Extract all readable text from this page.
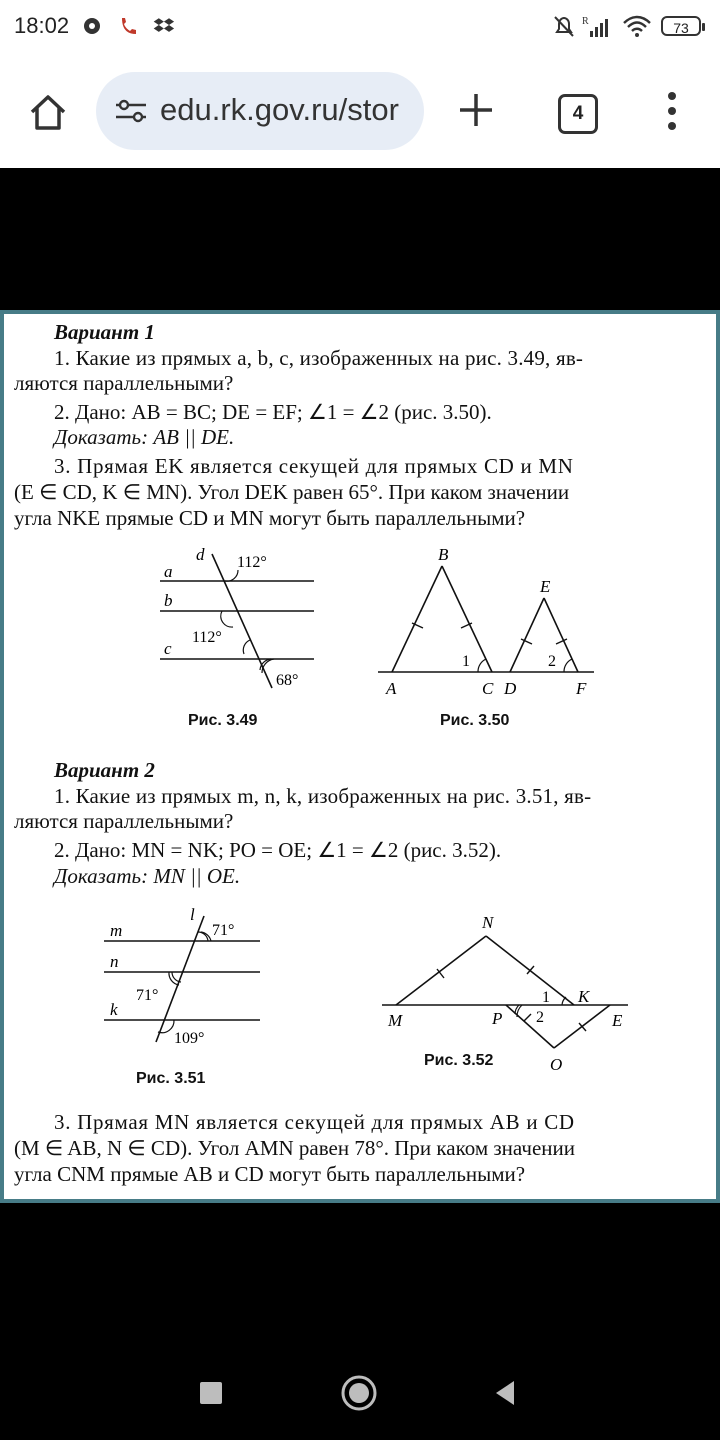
18:02	R	73
edu.rk.gov.ru/stor	4
Вариант 1
1. Какие из прямых a, b, c, изображенных на рис. 3.49, яв-
ляются параллельными?
2. Дано: AB = BC; DE = EF; ∠1 = ∠2 (рис. 3.50).
Доказать: AB || DE.
3. Прямая EK является секущей для прямых CD и MN
(E ∈ CD, K ∈ MN). Угол DEK равен 65°. При каком значении
угла NKE прямые CD и MN могут быть параллельными?
d 112°
a
b
112°
c
68°
Рис. 3.49
B
E
1	2
A	C D	F
Рис. 3.50
Вариант 2
1. Какие из прямых m, n, k, изображенных на рис. 3.51, яв-
ляются параллельными?
2. Дано: MN = NK; PO = OE; ∠1 = ∠2 (рис. 3.52).
Доказать: MN || OE.
l
71°
m
n
71°
k
109°
Рис. 3.51
N
1 K
M	P 2	E
O
Рис. 3.52
3. Прямая MN является секущей для прямых AB и CD
(M ∈ AB, N ∈ CD). Угол AMN равен 78°. При каком значении
угла CNM прямые AB и CD могут быть параллельными?
